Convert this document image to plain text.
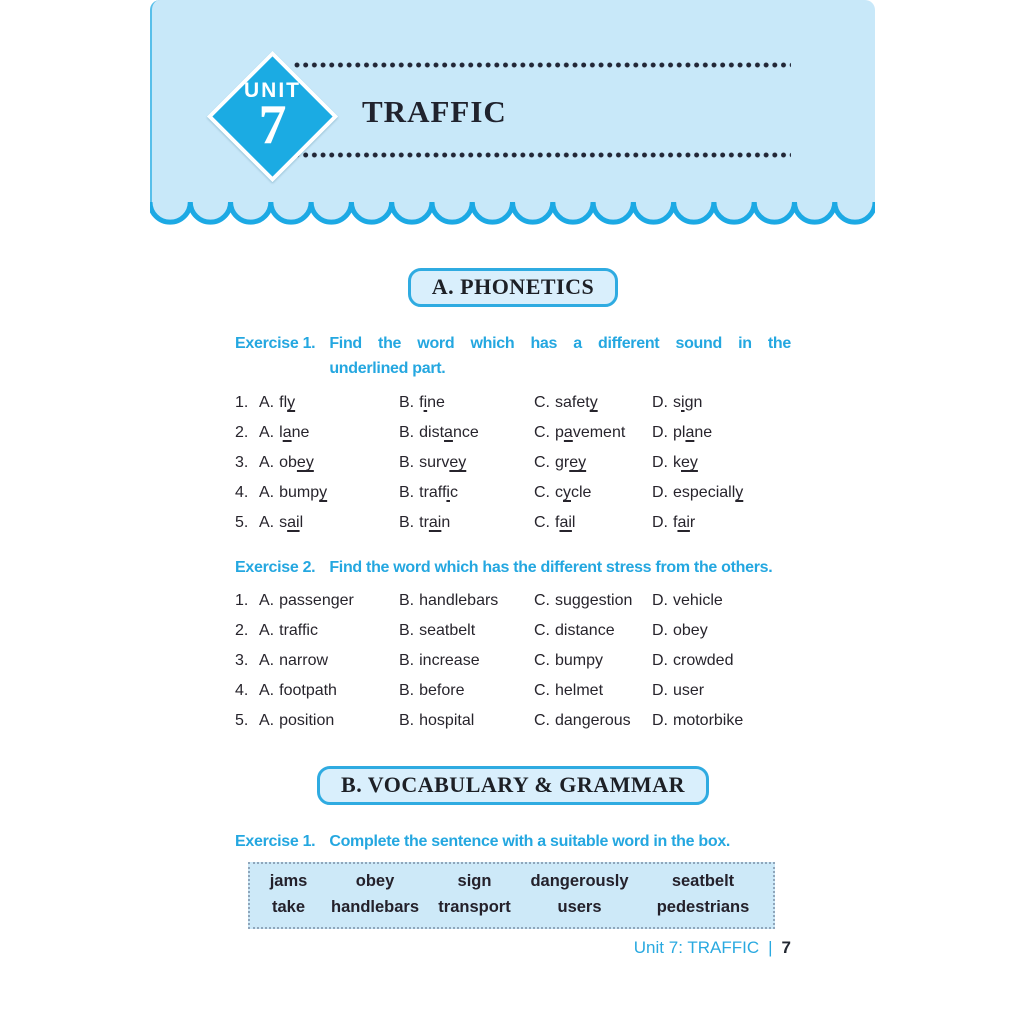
TRAFFIC
UNIT
7
A. PHONETICS
Exercise 1. Find the word which has a different sound in the
underlined part.
1. A. fly	B. fine	C. safety	D. sign
2. A. lane	B. distance	C. pavement	D. plane
3. A. obey	B. survey	C. grey	D. key
4. A. bumpy	B. traffic	C. cycle	D. especially
5. A. sail	B. train	C. fail	D. fair
Exercise 2. Find the word which has the different stress from the others.
1. A. passenger	B. handlebars	C. suggestion	D. vehicle
2. A. traffic	B. seatbelt	C. distance	D. obey
3. A. narrow	B. increase	C. bumpy	D. crowded
4. A. footpath	B. before	C. helmet	D. user
5. A. position	B. hospital	C. dangerous	D. motorbike
B. VOCABULARY & GRAMMAR
Exercise 1. Complete the sentence with a suitable word in the box.
jams	obey	sign	dangerously	seatbelt
take	handlebars	transport	users	pedestrians
Unit 7: TRAFFIC | 7
